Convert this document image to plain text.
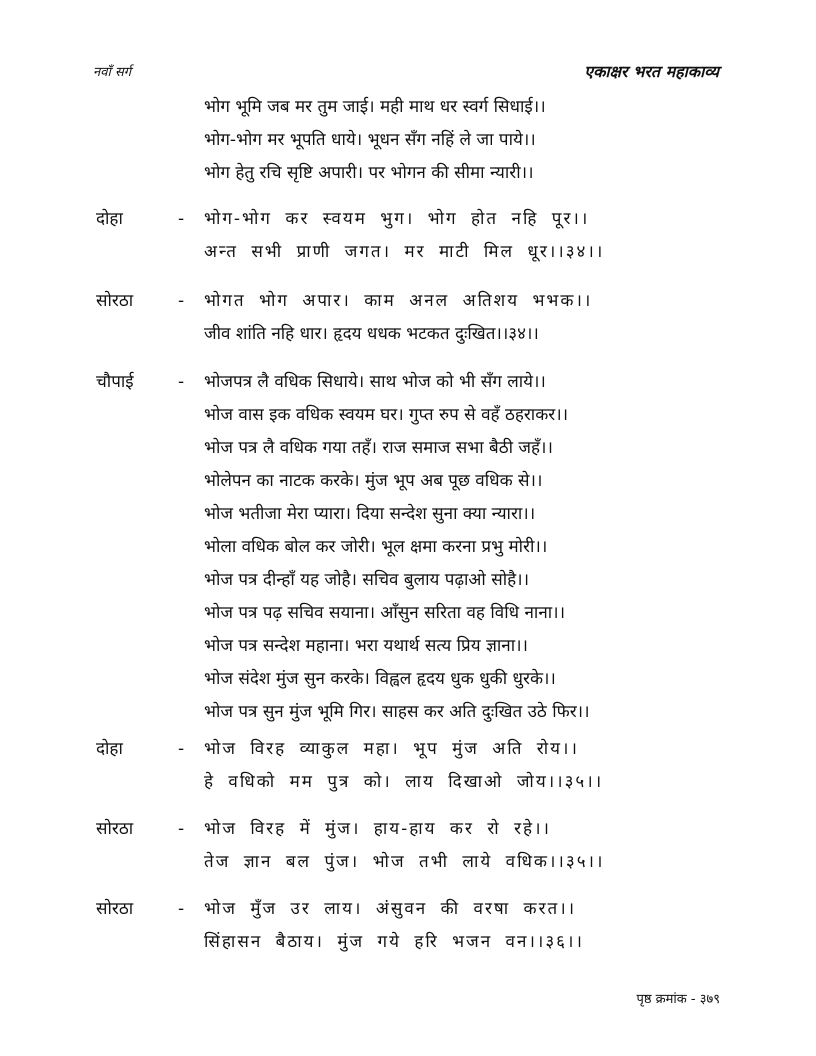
नवाँ सर्ग	एकाक्षर भरत महाकाव्य
भोग भूमि जब मर तुम जाई। मही माथ धर स्वर्ग सिधाई।।
भोग-भोग मर भूपति धाये। भूधन सँग नहिं ले जा पाये।।
भोग हेतु रचि सृष्टि अपारी। पर भोगन की सीमा न्यारी।।
दोहा	- भोग-भोग कर स्वयम भुग। भोग होत नहि पूर।।
अन्त सभी प्राणी जगत। मर माटी मिल धूर।।३४।।
सोरठा	- भोगत भोग अपार। काम अनल अतिशय भभक।।
जीव शांति नहि धार। हृदय धधक भटकत दुःखित।।३४।।
चौपाई	- भोजपत्र लै वधिक सिधाये। साथ भोज को भी सँग लाये।।
भोज वास इक वधिक स्वयम घर। गुप्त रुप से वहँ ठहराकर।।
भोज पत्र लै वधिक गया तहँ। राज समाज सभा बैठी जहँ।।
भोलेपन का नाटक करके। मुंज भूप अब पूछ वधिक से।।
भोज भतीजा मेरा प्यारा। दिया सन्देश सुना क्या न्यारा।।
भोला वधिक बोल कर जोरी। भूल क्षमा करना प्रभु मोरी।।
भोज पत्र दीन्हाँ यह जोहै। सचिव बुलाय पढ़ाओ सोहै।।
भोज पत्र पढ़ सचिव सयाना। आँसुन सरिता वह विधि नाना।।
भोज पत्र सन्देश महाना। भरा यथार्थ सत्य प्रिय ज्ञाना।।
भोज संदेश मुंज सुन करके। विह्वल हृदय धुक धुकी धुरके।।
भोज पत्र सुन मुंज भूमि गिर। साहस कर अति दुःखित उठे फिर।।
दोहा	- भोज विरह व्याकुल महा। भूप मुंज अति रोय।।
हे वधिको मम पुत्र को। लाय दिखाओ जोय।।३५।।
सोरठा	- भोज विरह में मुंज। हाय-हाय कर रो रहे।।
तेज ज्ञान बल पुंज। भोज तभी लाये वधिक।।३५।।
सोरठा	- भोज मुँज उर लाय। अंसुवन की वरषा करत।।
सिंहासन बैठाय। मुंज गये हरि भजन वन।।३६।।
पृष्ठ क्रमांक - ३७९
